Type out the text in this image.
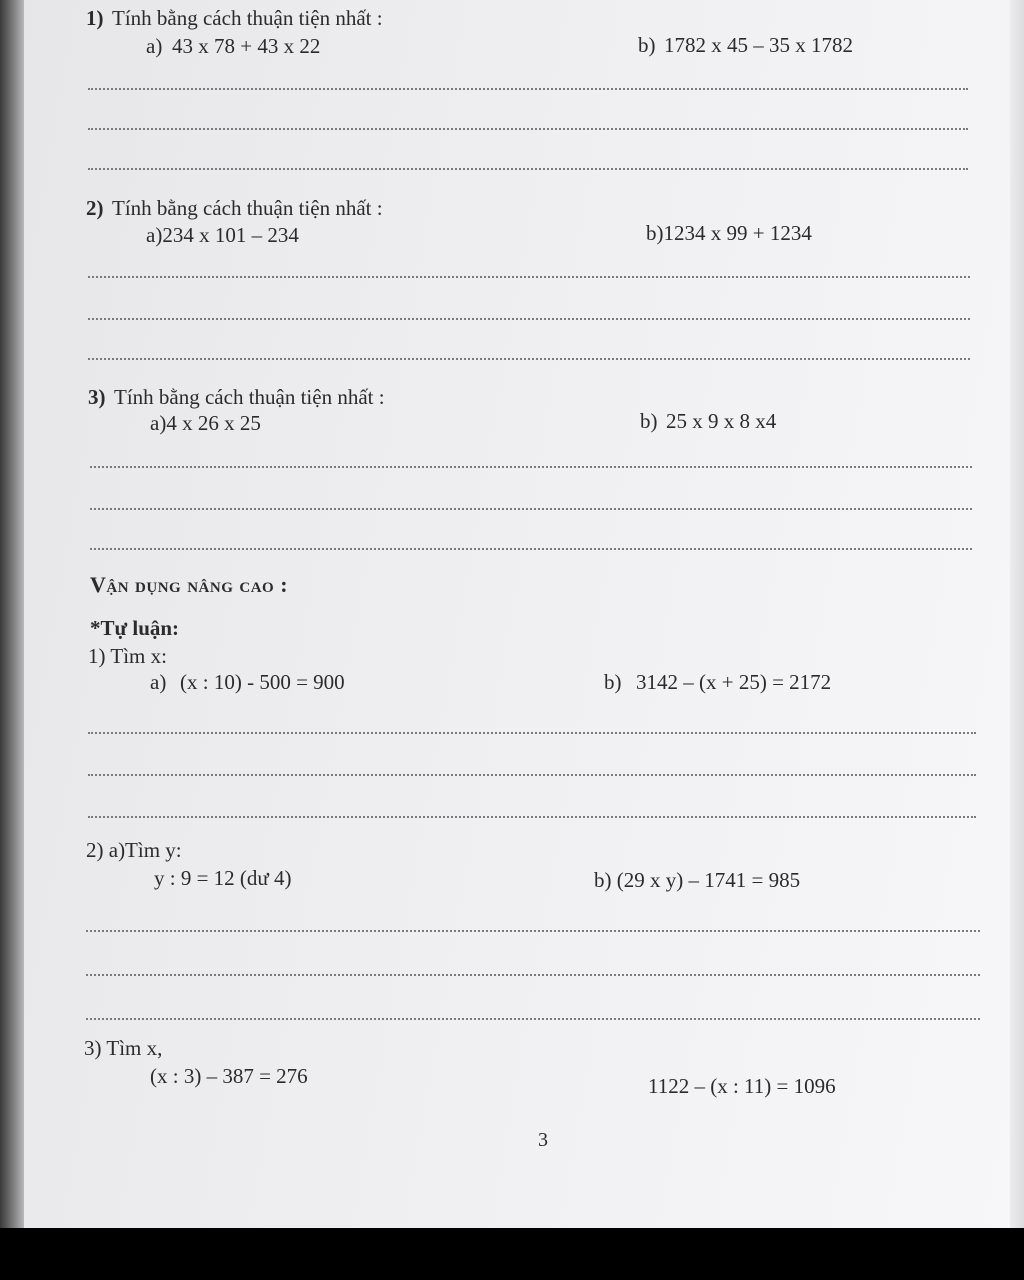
1) Tính bằng cách thuận tiện nhất :
a) 43 x 78 + 43 x 22	b) 1782 x 45 – 35 x 1782
2) Tính bằng cách thuận tiện nhất :
a)234 x 101 – 234	b)1234 x 99 + 1234
3) Tính bằng cách thuận tiện nhất :
a)4 x 26 x 25	b) 25 x 9 x 8 x4
Vận dụng nâng cao :
*Tự luận:
1) Tìm x:
a) (x : 10) - 500 = 900	b) 3142 – (x + 25) = 2172
2) a)Tìm y:
y : 9 = 12 (dư 4)	b) (29 x y) – 1741 = 985
3) Tìm x,
(x : 3) – 387 = 276	1122 – (x : 11) = 1096
3
